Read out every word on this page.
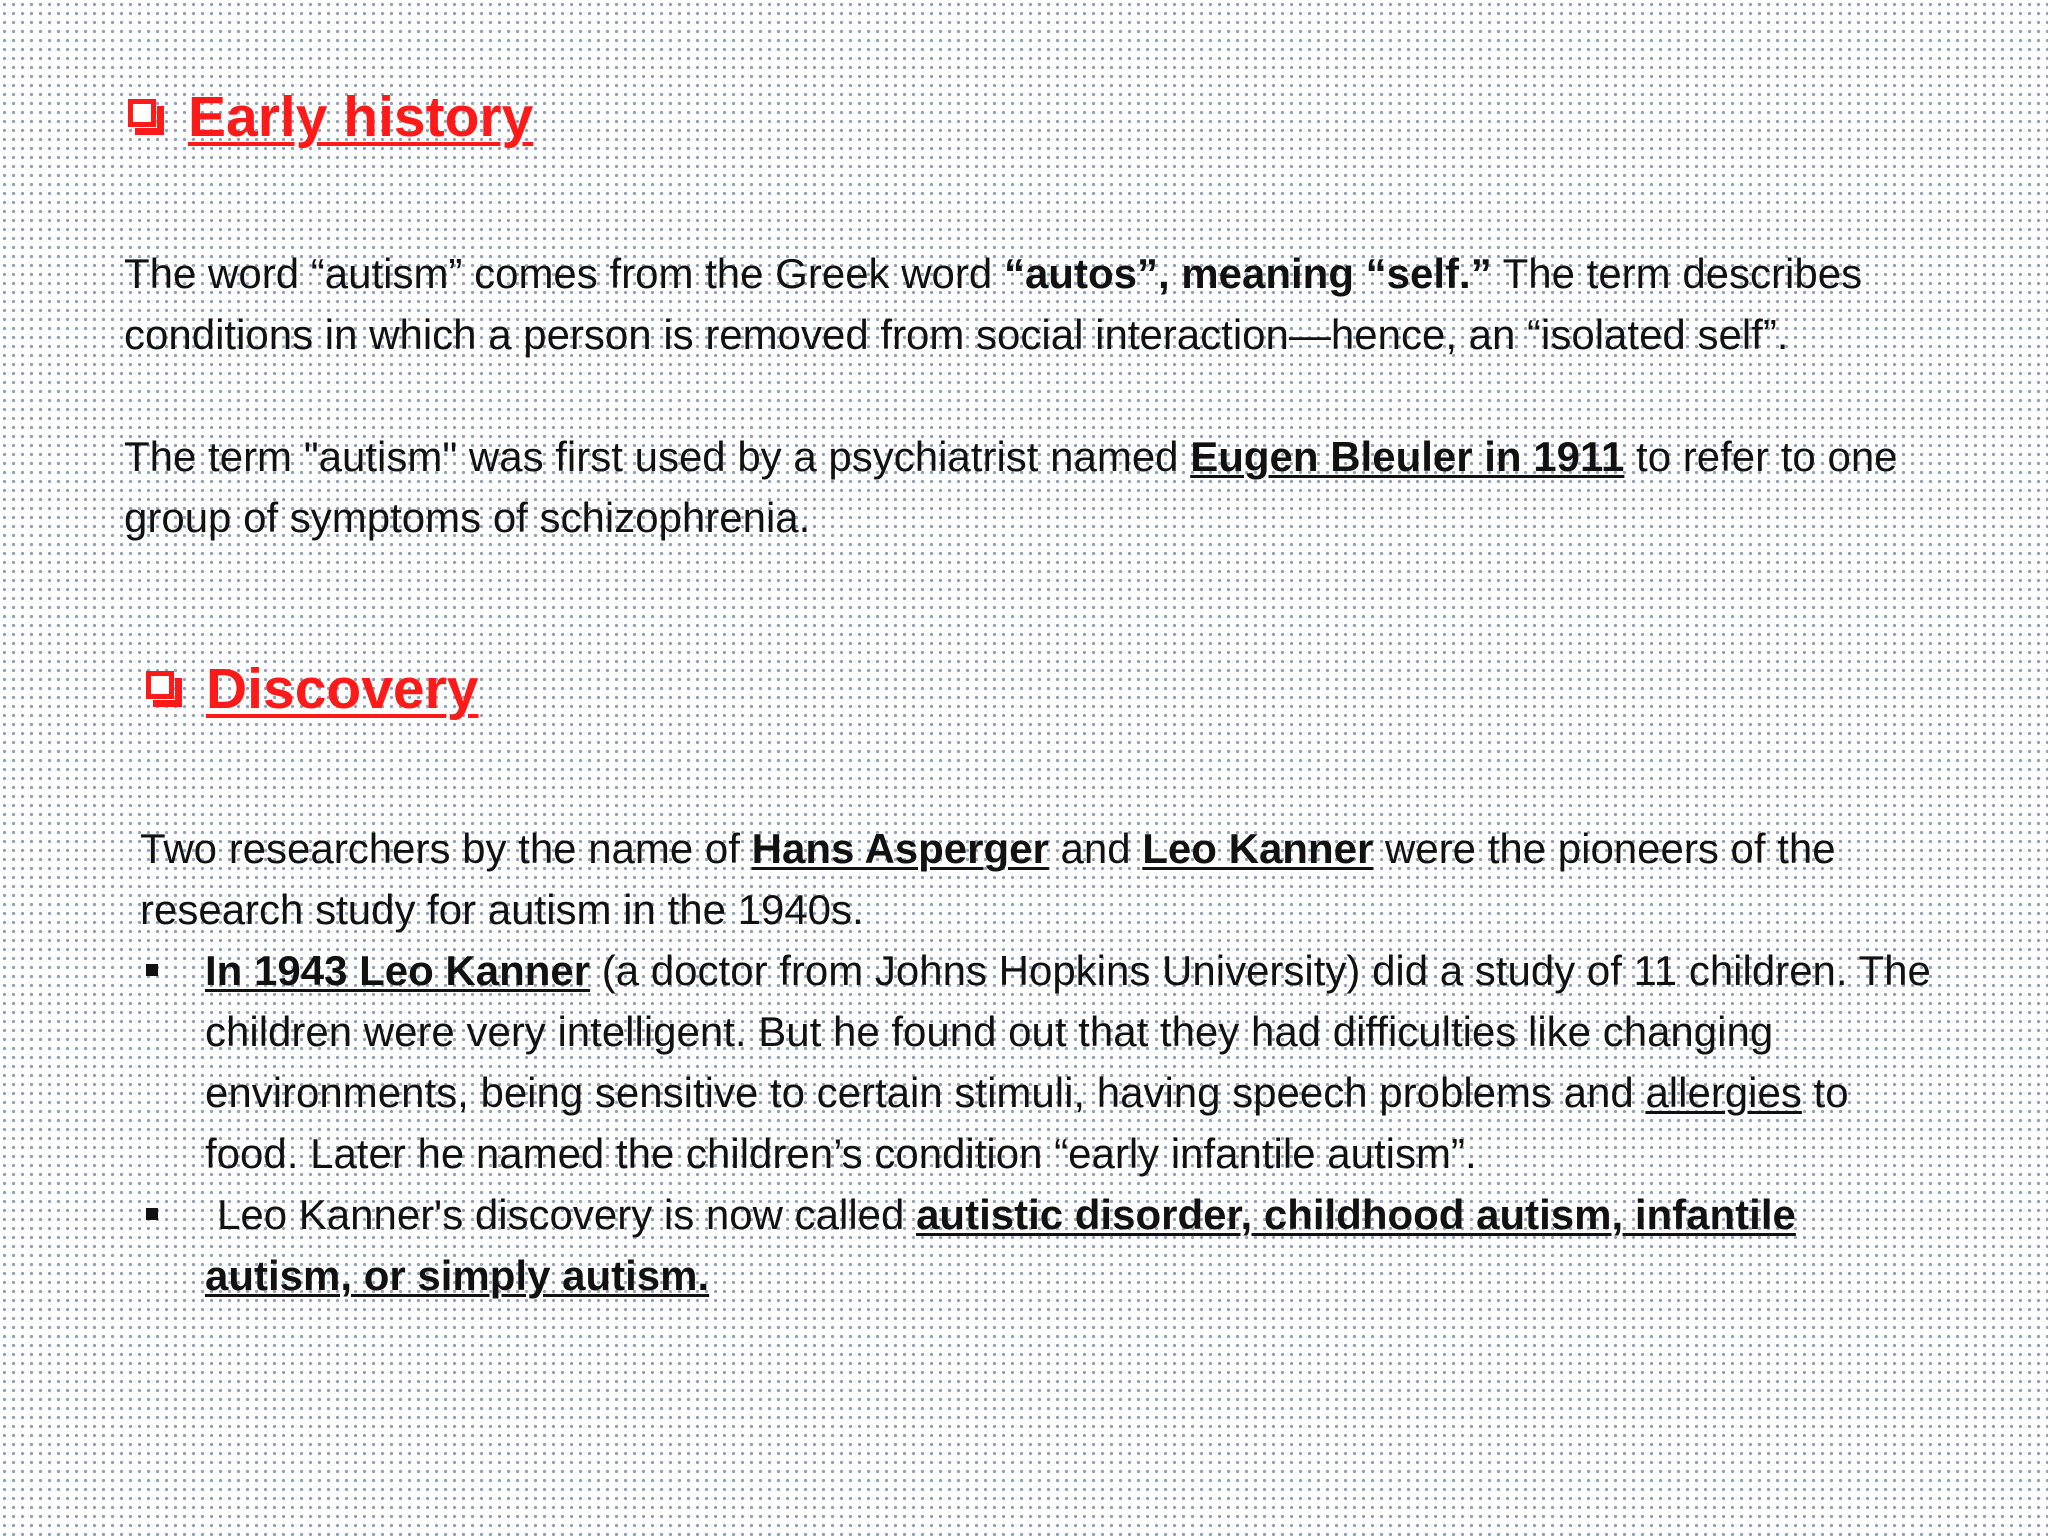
Early history
The word “autism” comes from the Greek word “autos”, meaning “self.” The term describes conditions in which a person is removed from social interaction—hence, an “isolated self”.
The term "autism" was first used by a psychiatrist named Eugen Bleuler in 1911 to refer to one group of symptoms of schizophrenia.
Discovery
Two researchers by the name of Hans Asperger and Leo Kanner were the pioneers of the research study for autism in the 1940s.
In 1943 Leo Kanner (a doctor from Johns Hopkins University) did a study of 11 children. The children were very intelligent. But he found out that they had difficulties like changing environments, being sensitive to certain stimuli, having speech problems and allergies to food. Later he named the children’s condition “early infantile autism”.
Leo Kanner's discovery is now called autistic disorder, childhood autism, infantile autism, or simply autism.
